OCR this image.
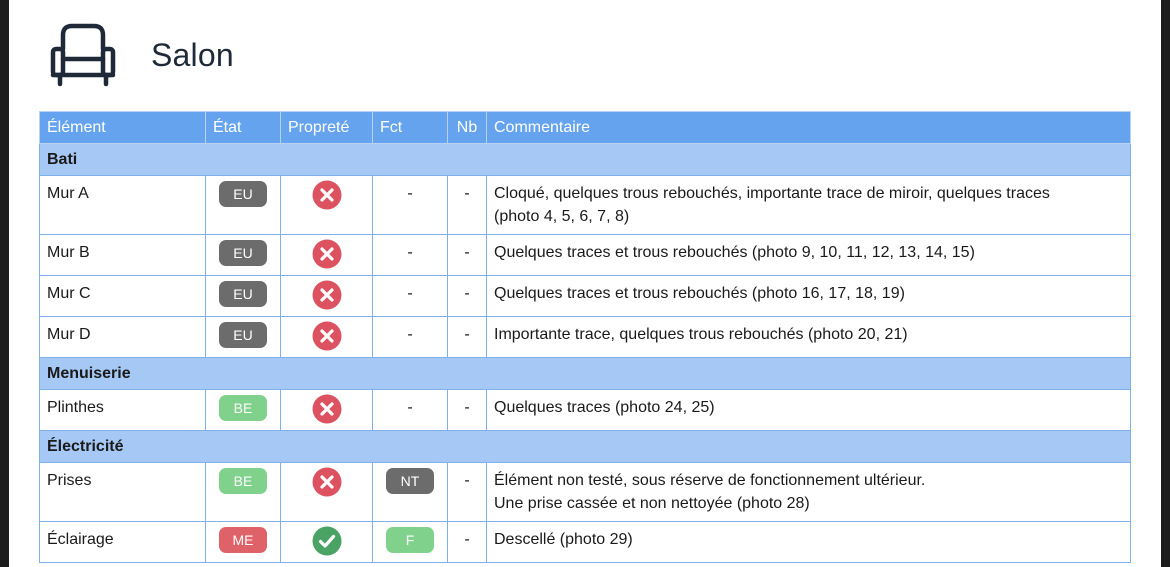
Salon
Élément	État	Propreté	Fct	Nb	Commentaire
Bati					
Mur A	EU		-	-	Cloqué, quelques trous rebouchés, importante trace de miroir, quelques traces
(photo 4, 5, 6, 7, 8)

Mur B	EU		-	-	Quelques traces et trous rebouchés (photo 9, 10, 11, 12, 13, 14, 15)

Mur C	EU		-	-	Quelques traces et trous rebouchés (photo 16, 17, 18, 19)

Mur D	EU		-	-	Importante trace, quelques trous rebouchés (photo 20, 21)

Menuiserie					
Plinthes	BE		-	-	Quelques traces (photo 24, 25)

Électricité					
Prises	BE		NT	-	Élément non testé, sous réserve de fonctionnement ultérieur.
Une prise cassée et non nettoyée (photo 28)

Éclairage	ME		F	-	Descellé (photo 29)
